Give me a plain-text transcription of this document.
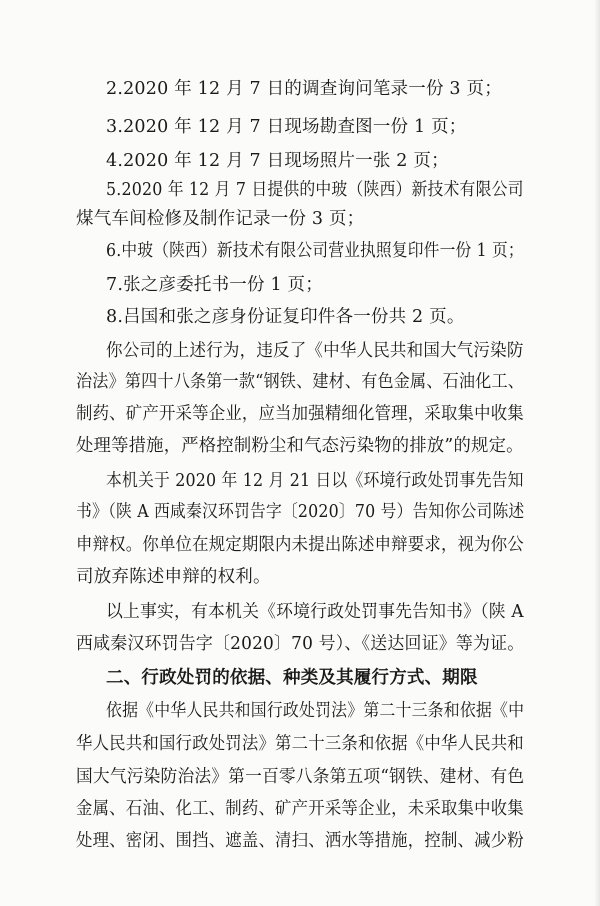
2.2020 年 12 月 7 日的调查询问笔录一份 3 页；
3.2020 年 12 月 7 日现场勘查图一份 1 页；
4.2020 年 12 月 7 日现场照片一张 2 页；
5.2020 年 12 月 7 日提供的中玻（陕西）新技术有限公司
煤气车间检修及制作记录一份 3 页；
6.中玻（陕西）新技术有限公司营业执照复印件一份 1 页；
7.张之彦委托书一份 1 页；
8.吕国和张之彦身份证复印件各一份共 2 页。
你公司的上述行为，违反了《中华人民共和国大气污染防
治法》第四十八条第一款“钢铁、建材、有色金属、石油化工、
制药、矿产开采等企业，应当加强精细化管理，采取集中收集
处理等措施，严格控制粉尘和气态污染物的排放”的规定。
本机关于 2020 年 12 月 21 日以《环境行政处罚事先告知
书》（陕 A 西咸秦汉环罚告字〔2020〕70 号）告知你公司陈述
申辩权。你单位在规定期限内未提出陈述申辩要求，视为你公
司放弃陈述申辩的权利。
以上事实，有本机关《环境行政处罚事先告知书》（陕 A
西咸秦汉环罚告字〔2020〕70 号）、《送达回证》等为证。
二、行政处罚的依据、种类及其履行方式、期限
依据《中华人民共和国行政处罚法》第二十三条和依据《中
华人民共和国行政处罚法》第二十三条和依据《中华人民共和
国大气污染防治法》第一百零八条第五项“钢铁、建材、有色
金属、石油、化工、制药、矿产开采等企业，未采取集中收集
处理、密闭、围挡、遮盖、清扫、洒水等措施，控制、减少粉
